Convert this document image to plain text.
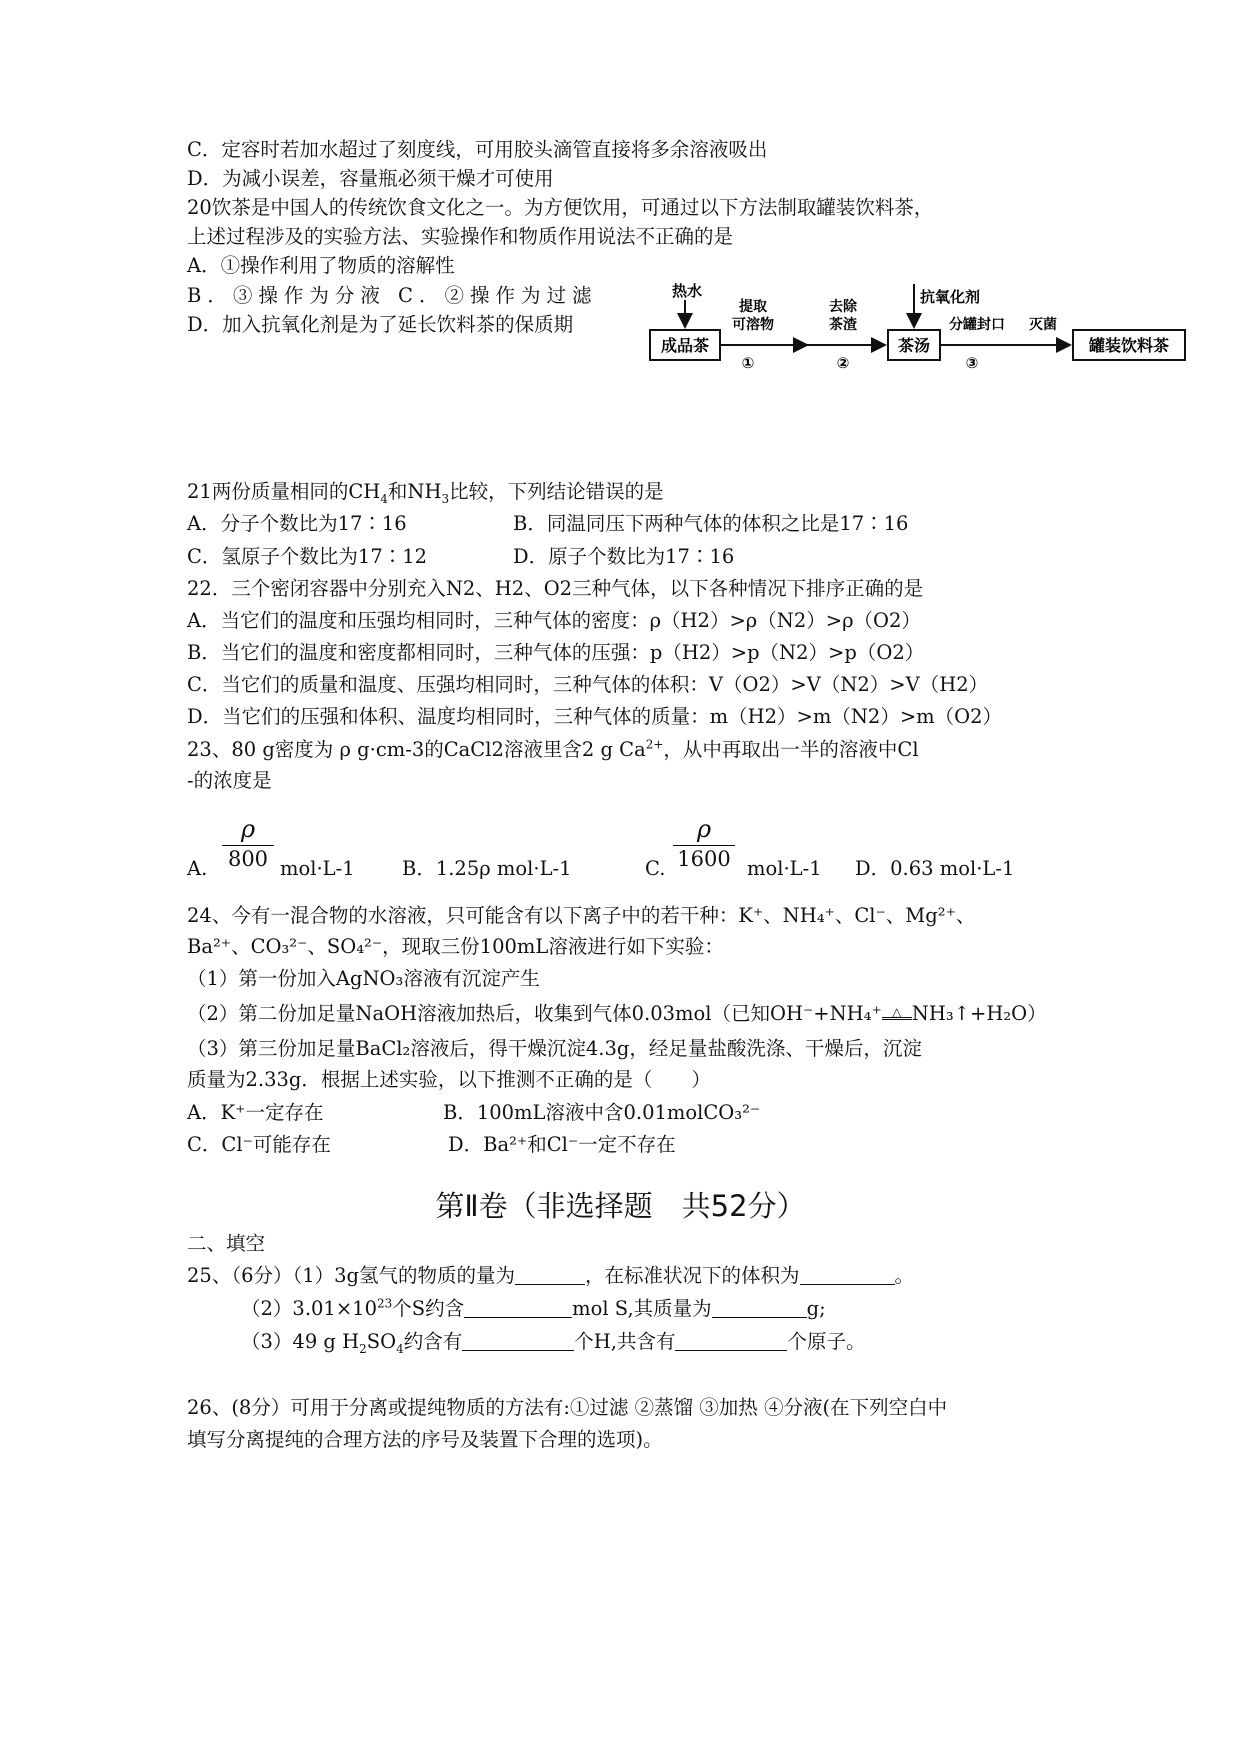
C．定容时若加水超过了刻度线，可用胶头滴管直接将多余溶液吸出
D．为减小误差，容量瓶必须干燥才可使用
20饮茶是中国人的传统饮食文化之一。为方便饮用，可通过以下方法制取罐装饮料茶，
上述过程涉及的实验方法、实验操作和物质作用说法不正确的是
A．①操作利用了物质的溶解性
B．③操作为分液 C．②操作为过滤
D．加入抗氧化剂是为了延长饮料茶的保质期
热水
成品茶
提取
可溶物
①
去除
茶渣
②
茶汤
抗氧化剂
分罐封口
③
灭菌
罐装饮料茶
21两份质量相同的$CH_4$和$NH_3$比较，下列结论错误的是
A．分子个数比为17∶16	B．同温同压下两种气体的体积之比是17∶16
C．氢原子个数比为17∶12	D．原子个数比为17∶16
22．三个密闭容器中分别充入N2、H2、O2三种气体，以下各种情况下排序正确的是
A．当它们的温度和压强均相同时，三种气体的密度：ρ（H2）>ρ（N2）>ρ（O2）
B．当它们的温度和密度都相同时，三种气体的压强：p（H2）>p（N2）>p（O2）
C．当它们的质量和温度、压强均相同时，三种气体的体积：V（O2）>V（N2）>V（H2）
D．当它们的压强和体积、温度均相同时，三种气体的质量：m（H2）>m（N2）>m（O2）
23、80 g密度为 ρ g·cm-3的CaCl2溶液里含2 g $Ca^{2+}$，从中再取出一半的溶液中Cl
-的浓度是
ρ
800
ρ
1600
A.	mol·L-1 B．1.25ρ mol·L-1	C.	mol·L-1 D．0.63 mol·L-1
24、今有一混合物的水溶液，只可能含有以下离子中的若干种：K⁺、NH₄⁺、Cl⁻、Mg²⁺、
Ba²⁺、CO₃²⁻、SO₄²⁻，现取三份100mL溶液进行如下实验：
（1）第一份加入AgNO₃溶液有沉淀产生
（2）第二份加足量NaOH溶液加热后，收集到气体0.03mol（已知OH⁻+NH₄⁺ △ NH₃↑+H₂O）
（3）第三份加足量BaCl₂溶液后，得干燥沉淀4.3g，经足量盐酸洗涤、干燥后，沉淀
质量为2.33g．根据上述实验，以下推测不正确的是（　　）
A．K⁺一定存在	B．100mL溶液中含0.01molCO₃²⁻
C．Cl⁻可能存在	D．Ba²⁺和Cl⁻一定不存在
第Ⅱ卷（非选择题　共52分）
二、填空
25、（6分）（1）3g氢气的物质的量为	，在标准状况下的体积为	。
$(2)3.01\times 10^{23}$个S约含	mol S,其质量为	g;
（3）49 g $H_2SO_4$约含有	个H,共含有	个原子。
26、(8分）可用于分离或提纯物质的方法有:①过滤 ②蒸馏 ③加热 ④分液(在下列空白中
填写分离提纯的合理方法的序号及装置下合理的选项)。
